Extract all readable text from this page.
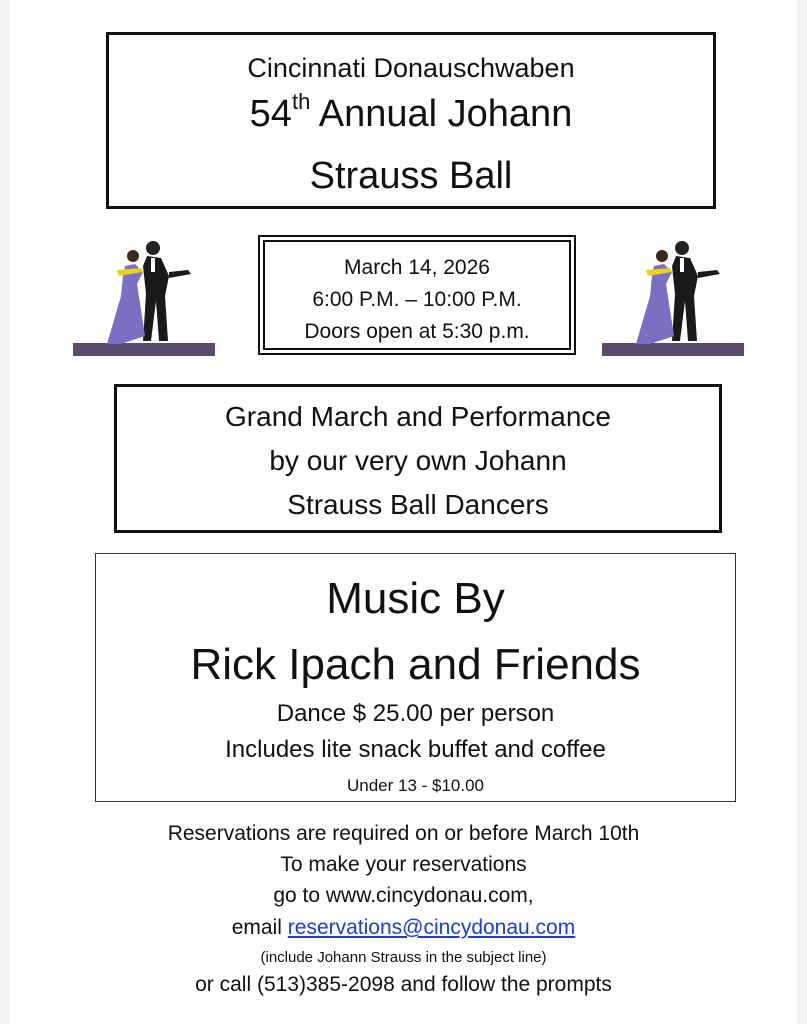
Cincinnati Donauschwaben
54th Annual Johann
Strauss Ball
March 14, 2026
6:00 P.M. – 10:00 P.M.
Doors open at 5:30 p.m.
Grand March and Performance
by our very own Johann
Strauss Ball Dancers
Music By
Rick Ipach and Friends
Dance $ 25.00 per person
Includes lite snack buffet and coffee
Under 13 - $10.00
Reservations are required on or before March 10th
To make your reservations
go to www.cincydonau.com,
email reservations@cincydonau.com
(include Johann Strauss in the subject line)
or call (513)385-2098 and follow the prompts
